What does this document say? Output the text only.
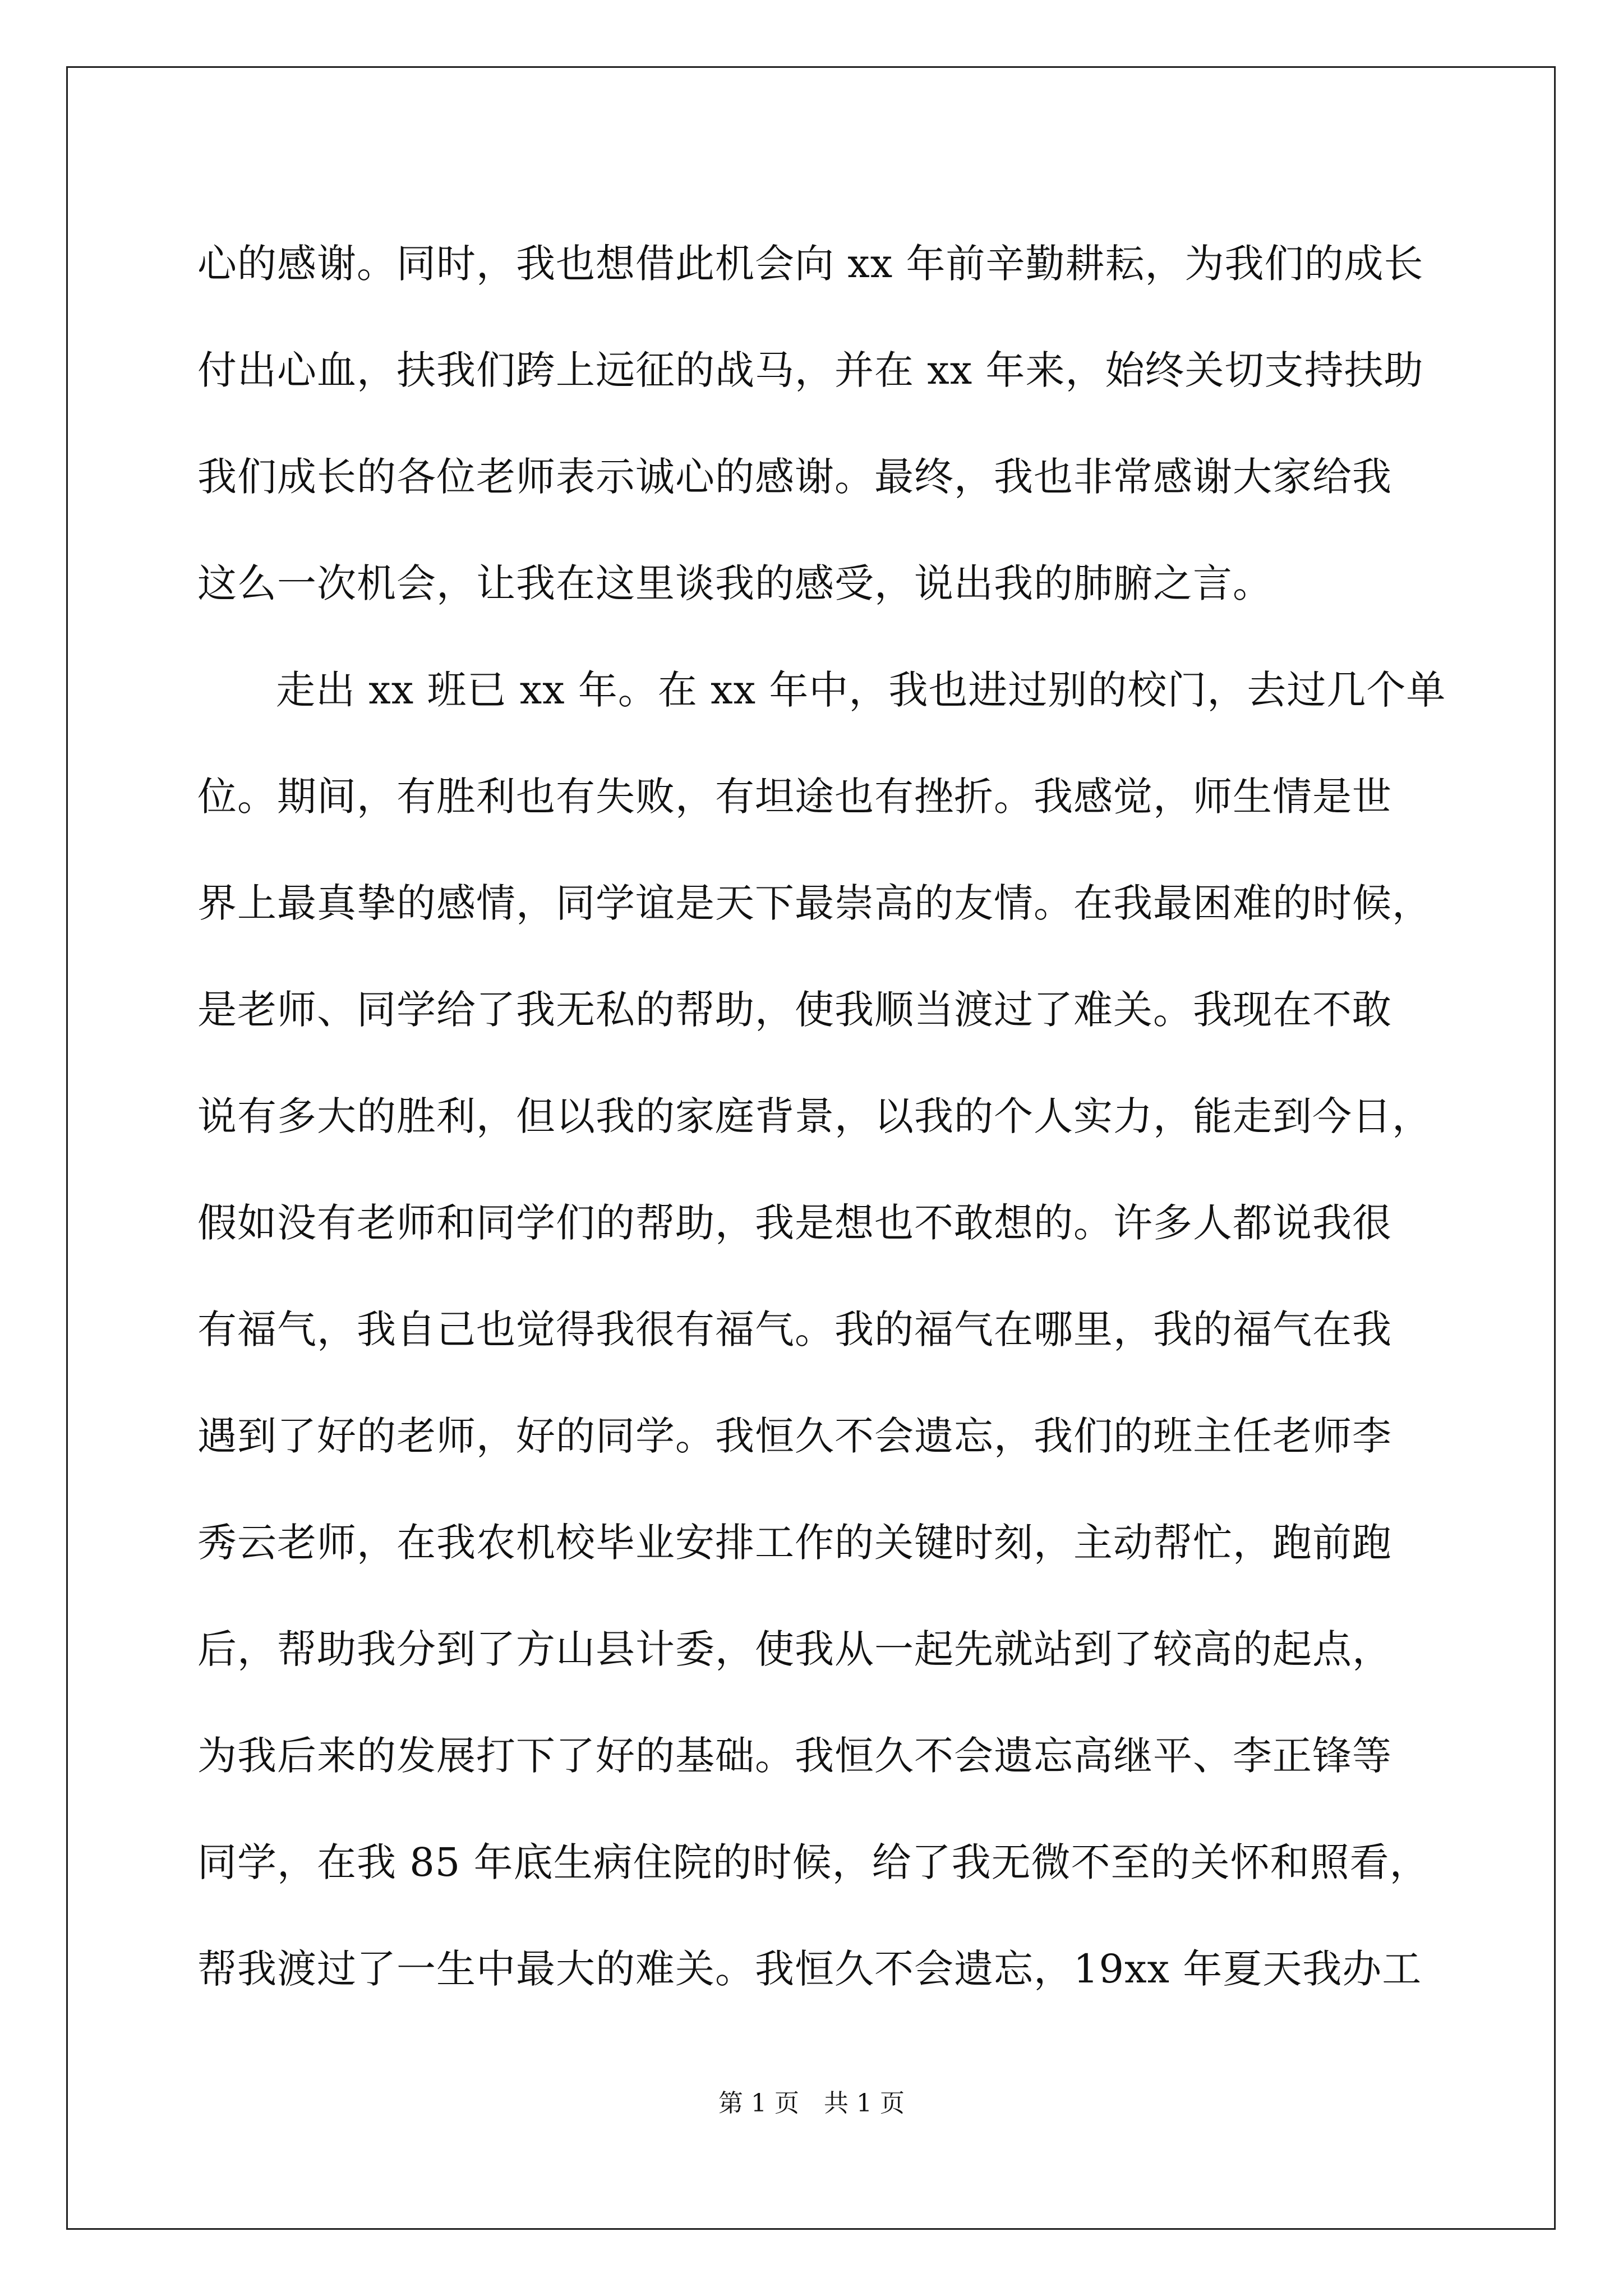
心的感谢。同时，我也想借此机会向 xx 年前辛勤耕耘，为我们的成长
付出心血，扶我们跨上远征的战马，并在 xx 年来，始终关切支持扶助
我们成长的各位老师表示诚心的感谢。最终，我也非常感谢大家给我
这么一次机会，让我在这里谈我的感受，说出我的肺腑之言。
走出 xx 班已 xx 年。在 xx 年中，我也进过别的校门，去过几个单
位。期间，有胜利也有失败，有坦途也有挫折。我感觉，师生情是世
界上最真挚的感情，同学谊是天下最崇高的友情。在我最困难的时候，
是老师、同学给了我无私的帮助，使我顺当渡过了难关。我现在不敢
说有多大的胜利，但以我的家庭背景，以我的个人实力，能走到今日，
假如没有老师和同学们的帮助，我是想也不敢想的。许多人都说我很
有福气，我自己也觉得我很有福气。我的福气在哪里，我的福气在我
遇到了好的老师，好的同学。我恒久不会遗忘，我们的班主任老师李
秀云老师，在我农机校毕业安排工作的关键时刻，主动帮忙，跑前跑
后，帮助我分到了方山县计委，使我从一起先就站到了较高的起点，
为我后来的发展打下了好的基础。我恒久不会遗忘高继平、李正锋等
同学，在我 85 年底生病住院的时候，给了我无微不至的关怀和照看，
帮我渡过了一生中最大的难关。我恒久不会遗忘，19xx 年夏天我办工
第 1 页　共 1 页
